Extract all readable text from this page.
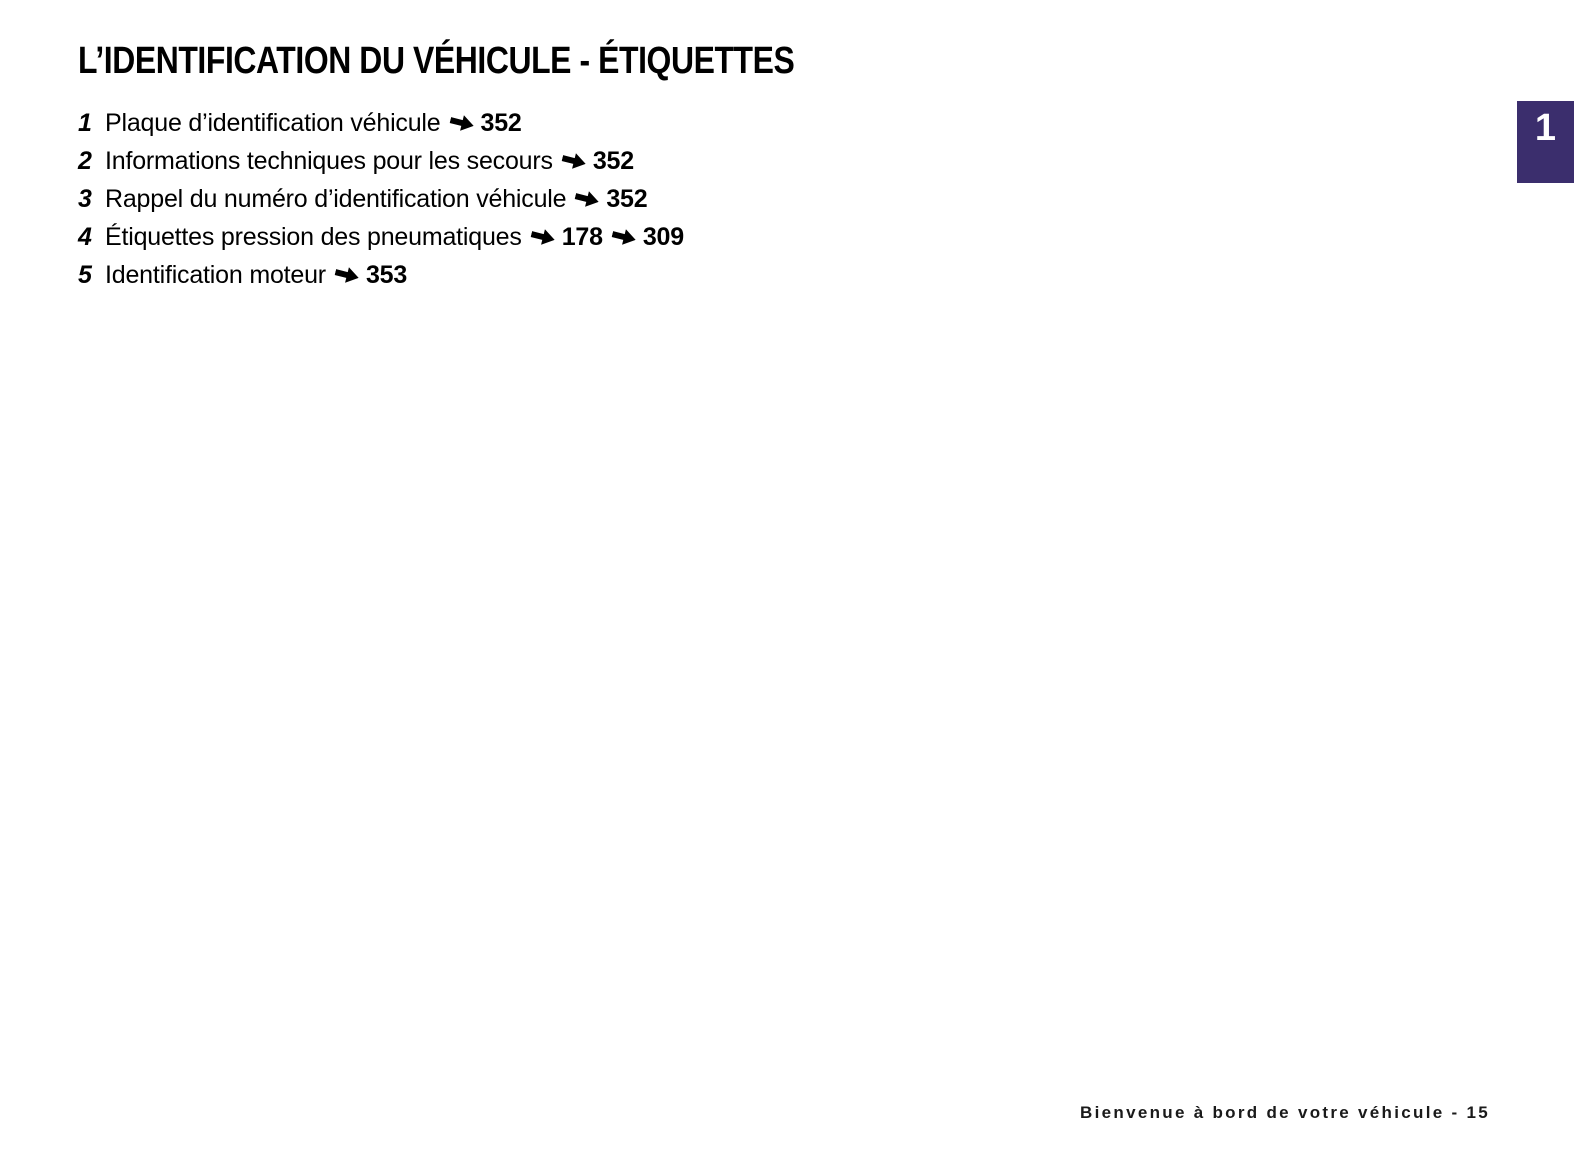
L’IDENTIFICATION DU VÉHICULE - ÉTIQUETTES
1 Plaque d’identification véhicule 352
2 Informations techniques pour les secours 352
3 Rappel du numéro d’identification véhicule 352
4 Étiquettes pression des pneumatiques 178 309
5 Identification moteur 353
1
Bienvenue à bord de votre véhicule - 15
